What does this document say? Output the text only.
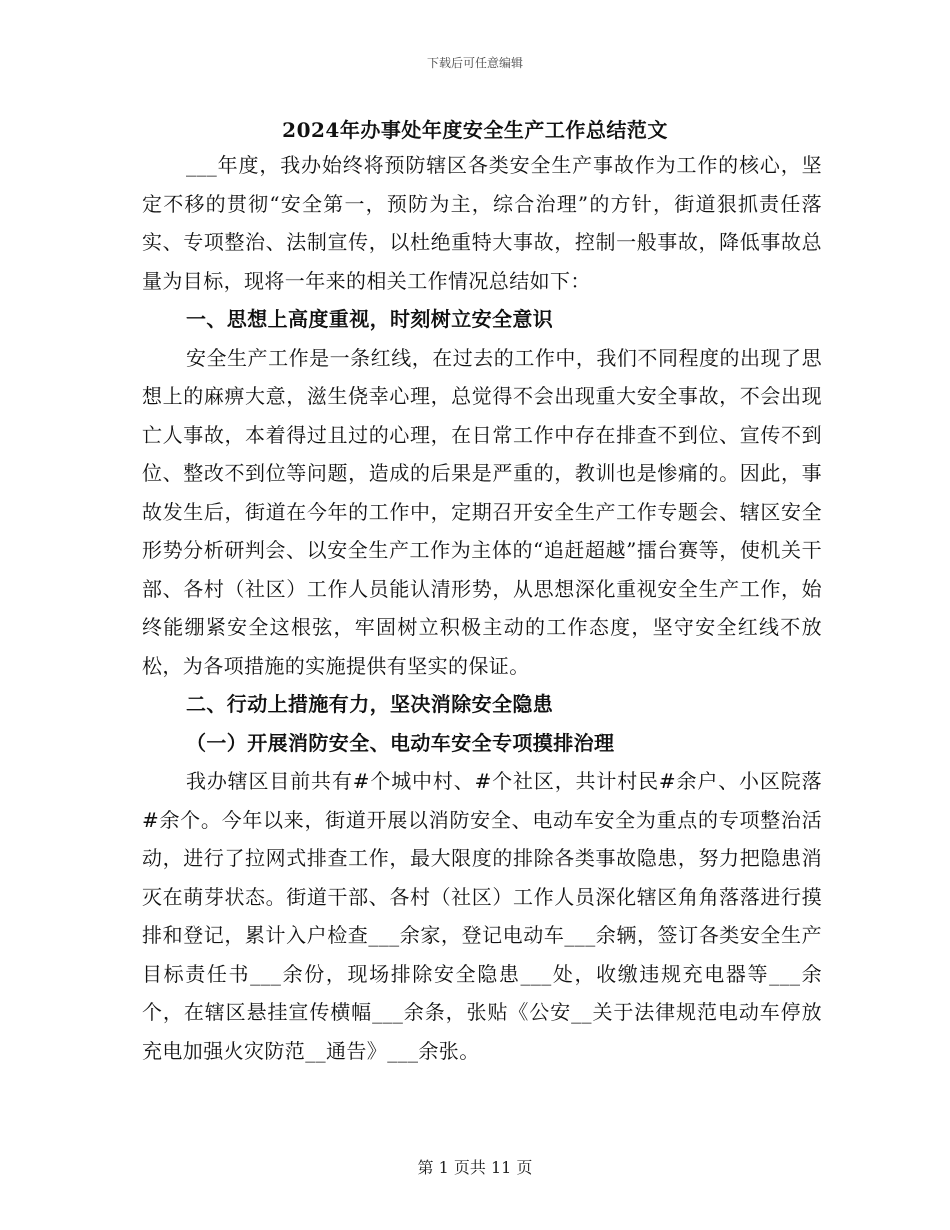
下载后可任意编辑
2024年办事处年度安全生产工作总结范文

___年度，我办始终将预防辖区各类安全生产事故作为工作的核心，坚定不移的贯彻“安全第一，预防为主，综合治理”的方针，街道狠抓责任落实、专项整治、法制宣传，以杜绝重特大事故，控制一般事故，降低事故总量为目标，现将一年来的相关工作情况总结如下：

一、思想上高度重视，时刻树立安全意识

安全生产工作是一条红线，在过去的工作中，我们不同程度的出现了思想上的麻痹大意，滋生侥幸心理，总觉得不会出现重大安全事故，不会出现亡人事故，本着得过且过的心理，在日常工作中存在排查不到位、宣传不到位、整改不到位等问题，造成的后果是严重的，教训也是惨痛的。因此，事故发生后，街道在今年的工作中，定期召开安全生产工作专题会、辖区安全形势分析研判会、以安全生产工作为主体的“追赶超越”擂台赛等，使机关干部、各村（社区）工作人员能认清形势，从思想深化重视安全生产工作，始终能绷紧安全这根弦，牢固树立积极主动的工作态度，坚守安全红线不放松，为各项措施的实施提供有坚实的保证。

二、行动上措施有力，坚决消除安全隐患

（一）开展消防安全、电动车安全专项摸排治理

我办辖区目前共有#个城中村、#个社区，共计村民#余户、小区院落#余个。今年以来，街道开展以消防安全、电动车安全为重点的专项整治活动，进行了拉网式排查工作，最大限度的排除各类事故隐患，努力把隐患消灭在萌芽状态。街道干部、各村（社区）工作人员深化辖区角角落落进行摸排和登记，累计入户检查___余家，登记电动车___余辆，签订各类安全生产目标责任书___余份，现场排除安全隐患___处，收缴违规充电器等___余个，在辖区悬挂宣传横幅___余条，张贴《公安__关于法律规范电动车停放充电加强火灾防范__通告》___余张。

第 1 页共 11 页
